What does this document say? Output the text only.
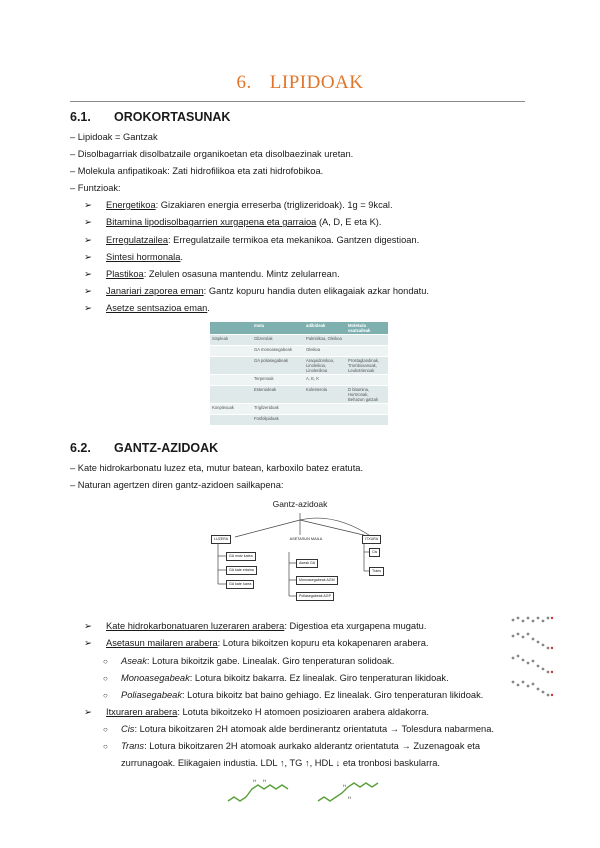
6. LIPIDOAK
6.1. OROKORTASUNAK
– Lipidoak = Gantzak
– Disolbagarriak disolbatzaile organikoetan eta disolbaezinak uretan.
– Molekula anfipatikoak: Zati hidrofilikoa eta zati hidrofobikoa.
– Funtzioak:
➢ Energetikoa: Gizakiaren energia erreserba (triglizeridoak). 1g = 9kcal.
➢ Bitamina lipodisolbagarrien xurgapena eta garraioa (A, D, E eta K).
➢ Erregulatzailea: Erregulatzaile termikoa eta mekanikoa. Gantzen digestioan.
➢ Sintesi hormonala.
➢ Plastikoa: Zelulen osasuna mantendu. Mintz zelularrean.
➢ Janariari zaporea eman: Gantz kopuru handia duten elikagaiak azkar hondatu.
➢ Asetze sentsazioa eman.
	mota	adibideak	Molekula osatzaileak
Sinpleak	Glizerolak	Palmitikoa, Oleikoa	
	GA monoasegabeak	Oleikoa	
	GA poliasegabeak	Araquidonikoa, Linoleikoa, Linolenikoa	Prostaglandinak, Tromboxanoak, Leukotrienoak
	Terpenoak	A, E, K	
	Esteroideak	Kolesterola	D bitamina, Hormonak, Behazun gatzak
Konplexuak	Triglizeridoak		
	Fosfolipidoak		
6.2. GANTZ-AZIDOAK
– Kate hidrokarbonatu luzez eta, mutur batean, karboxilo batez eratuta.
– Naturan agertzen diren gantz-azidoen sailkapena:
Gantz-azidoak
LUZERA
GA motz katea
GA kate ertaina
GA kate luzea
ASETASUN MAILA
Aseak GA
Monoasegabeak AGM
Poliasegabeak AGP
ITXURA
Cis
Trans
➢ Kate hidrokarbonatuaren luzeraren arabera: Digestioa eta xurgapena mugatu.
➢ Asetasun mailaren arabera: Lotura bikoitzen kopuru eta kokapenaren arabera.
○ Aseak: Lotura bikoitzik gabe. Linealak. Giro tenperaturan solidoak.
○ Monoasegabeak: Lotura bikoitz bakarra. Ez linealak. Giro tenperaturan likidoak.
○ Poliasegabeak: Lotura bikoitz bat baino gehiago. Ez linealak. Giro tenperaturan likidoak.
➢ Itxuraren arabera: Lotuta bikoitzeko H atomoen posizioaren arabera aldakorra.
○ Cis: Lotura bikoitzaren 2H atomoak alde berdinerantz orientatuta → Tolesdura nabarmena.
○ Trans: Lotura bikoitzaren 2H atomoak aurkako alderantz orientatuta → Zuzenagoak eta
zurrunagoak. Elikagaien industia. LDL ↑, TG ↑, HDL ↓ eta tronbosi baskularra.
H H
H
H
